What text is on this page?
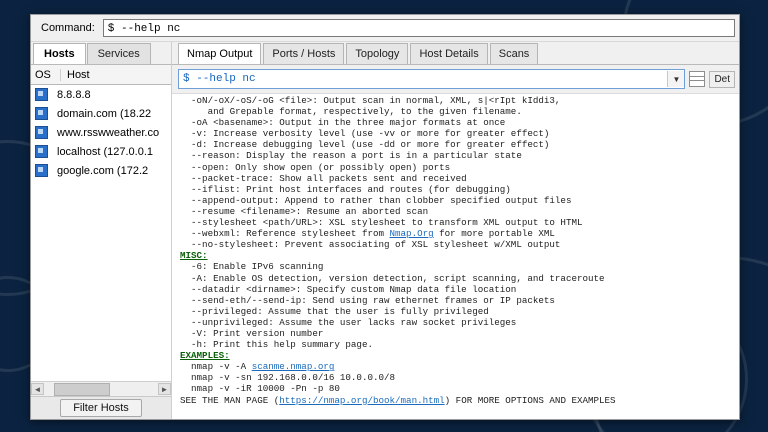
Command:	$ --help nc
Hosts	Services
OS	Host
8.8.8.8
domain.com (18.22
www.rsswweather.co
localhost (127.0.0.1
google.com (172.2
◄	►
Filter Hosts
Nmap Output	Ports / Hosts	Topology	Host Details	Scans
$ --help nc	▼	Det
-oN/-oX/-oS/-oG <file>: Output scan in normal, XML, s|<rIpt kIddi3,
and Grepable format, respectively, to the given filename.
-oA <basename>: Output in the three major formats at once
-v: Increase verbosity level (use -vv or more for greater effect)
-d: Increase debugging level (use -dd or more for greater effect)
--reason: Display the reason a port is in a particular state
--open: Only show open (or possibly open) ports
--packet-trace: Show all packets sent and received
--iflist: Print host interfaces and routes (for debugging)
--append-output: Append to rather than clobber specified output files
--resume <filename>: Resume an aborted scan
--stylesheet <path/URL>: XSL stylesheet to transform XML output to HTML
--webxml: Reference stylesheet from Nmap.Org for more portable XML
--no-stylesheet: Prevent associating of XSL stylesheet w/XML output
MISC:
-6: Enable IPv6 scanning
-A: Enable OS detection, version detection, script scanning, and traceroute
--datadir <dirname>: Specify custom Nmap data file location
--send-eth/--send-ip: Send using raw ethernet frames or IP packets
--privileged: Assume that the user is fully privileged
--unprivileged: Assume the user lacks raw socket privileges
-V: Print version number
-h: Print this help summary page.
EXAMPLES:
nmap -v -A scanme.nmap.org
nmap -v -sn 192.168.0.0/16 10.0.0.0/8
nmap -v -iR 10000 -Pn -p 80
SEE THE MAN PAGE (https://nmap.org/book/man.html) FOR MORE OPTIONS AND EXAMPLES
